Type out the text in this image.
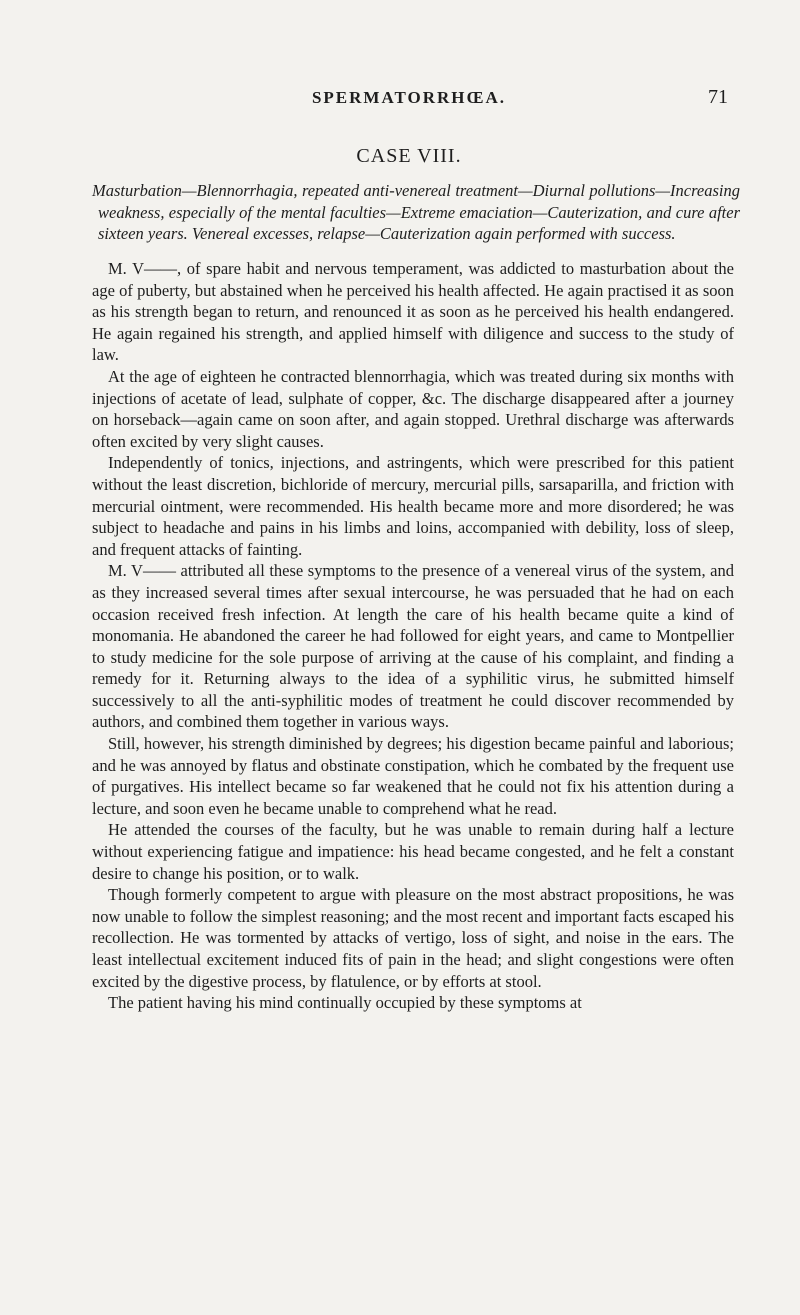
SPERMATORRHŒA.	71
CASE VIII.
Masturbation—Blennorrhagia, repeated anti-venereal treatment—Diurnal pollutions—Increasing weakness, especially of the mental faculties—Extreme emaciation—Cauterization, and cure after sixteen years. Venereal excesses, relapse—Cauterization again performed with success.

M. V——, of spare habit and nervous temperament, was addicted to masturbation about the age of puberty, but abstained when he perceived his health affected. He again practised it as soon as his strength began to return, and renounced it as soon as he perceived his health endangered. He again regained his strength, and applied himself with diligence and success to the study of law.

At the age of eighteen he contracted blennorrhagia, which was treated during six months with injections of acetate of lead, sulphate of copper, &c. The discharge disappeared after a journey on horseback—again came on soon after, and again stopped. Urethral discharge was afterwards often excited by very slight causes.

Independently of tonics, injections, and astringents, which were prescribed for this patient without the least discretion, bichloride of mercury, mercurial pills, sarsaparilla, and friction with mercurial ointment, were recommended. His health became more and more disordered; he was subject to headache and pains in his limbs and loins, accompanied with debility, loss of sleep, and frequent attacks of fainting.

M. V—— attributed all these symptoms to the presence of a venereal virus of the system, and as they increased several times after sexual intercourse, he was persuaded that he had on each occasion received fresh infection. At length the care of his health became quite a kind of monomania. He abandoned the career he had followed for eight years, and came to Montpellier to study medicine for the sole purpose of arriving at the cause of his complaint, and finding a remedy for it. Returning always to the idea of a syphilitic virus, he submitted himself successively to all the anti-syphilitic modes of treatment he could discover recommended by authors, and combined them together in various ways.

Still, however, his strength diminished by degrees; his digestion became painful and laborious; and he was annoyed by flatus and obstinate constipation, which he combated by the frequent use of purgatives. His intellect became so far weakened that he could not fix his attention during a lecture, and soon even he became unable to comprehend what he read.

He attended the courses of the faculty, but he was unable to remain during half a lecture without experiencing fatigue and impatience: his head became congested, and he felt a constant desire to change his position, or to walk.

Though formerly competent to argue with pleasure on the most abstract propositions, he was now unable to follow the simplest reasoning; and the most recent and important facts escaped his recollection. He was tormented by attacks of vertigo, loss of sight, and noise in the ears. The least intellectual excitement induced fits of pain in the head; and slight congestions were often excited by the digestive process, by flatulence, or by efforts at stool.

The patient having his mind continually occupied by these symptoms at
